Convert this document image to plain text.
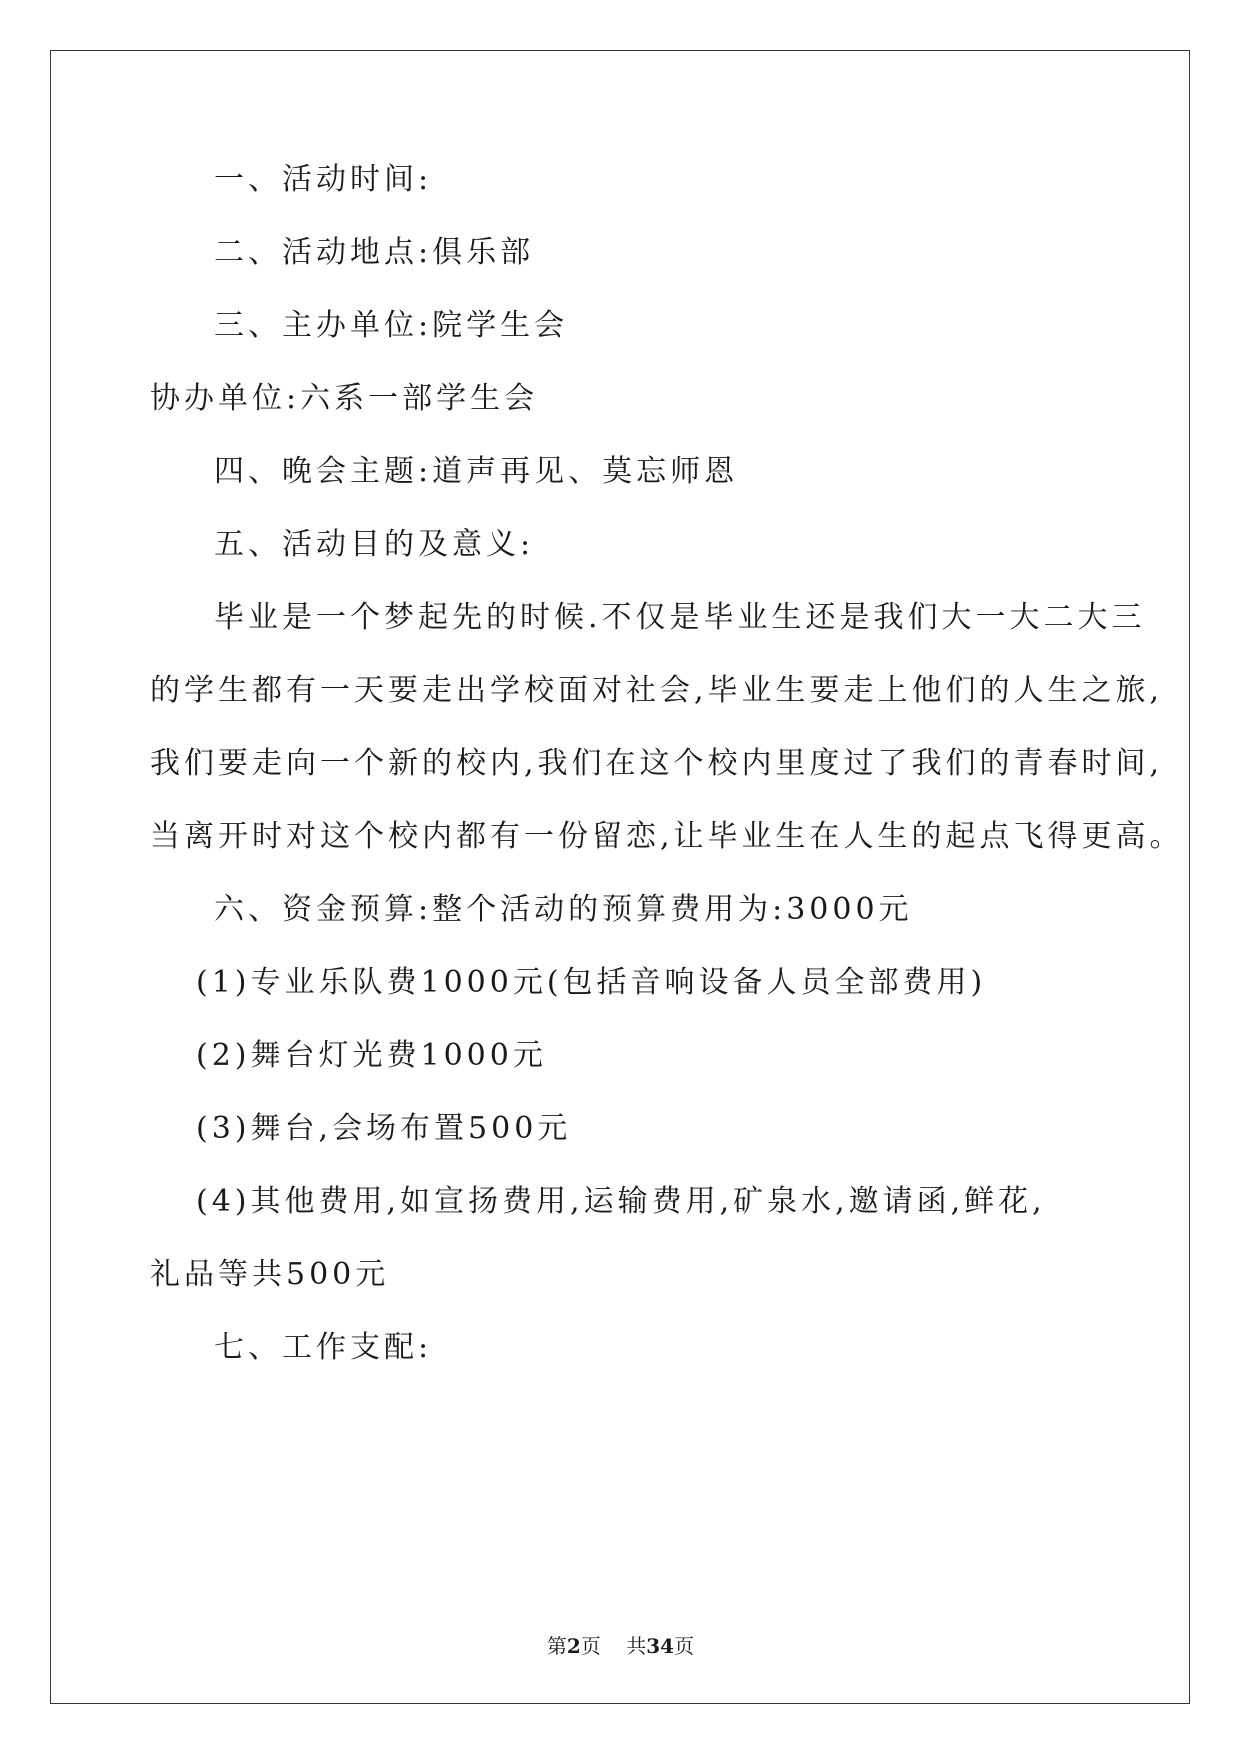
一、活动时间:
二、活动地点:俱乐部
三、主办单位:院学生会
协办单位:六系一部学生会
四、晚会主题:道声再见、莫忘师恩
五、活动目的及意义:
毕业是一个梦起先的时候.不仅是毕业生还是我们大一大二大三
的学生都有一天要走出学校面对社会,毕业生要走上他们的人生之旅,
我们要走向一个新的校内,我们在这个校内里度过了我们的青春时间,
当离开时对这个校内都有一份留恋,让毕业生在人生的起点飞得更高。
六、资金预算:整个活动的预算费用为:3000元
(1)专业乐队费1000元(包括音响设备人员全部费用)
(2)舞台灯光费1000元
(3)舞台,会场布置500元
(4)其他费用,如宣扬费用,运输费用,矿泉水,邀请函,鲜花,
礼品等共500元
七、工作支配:
第2页 共34页
